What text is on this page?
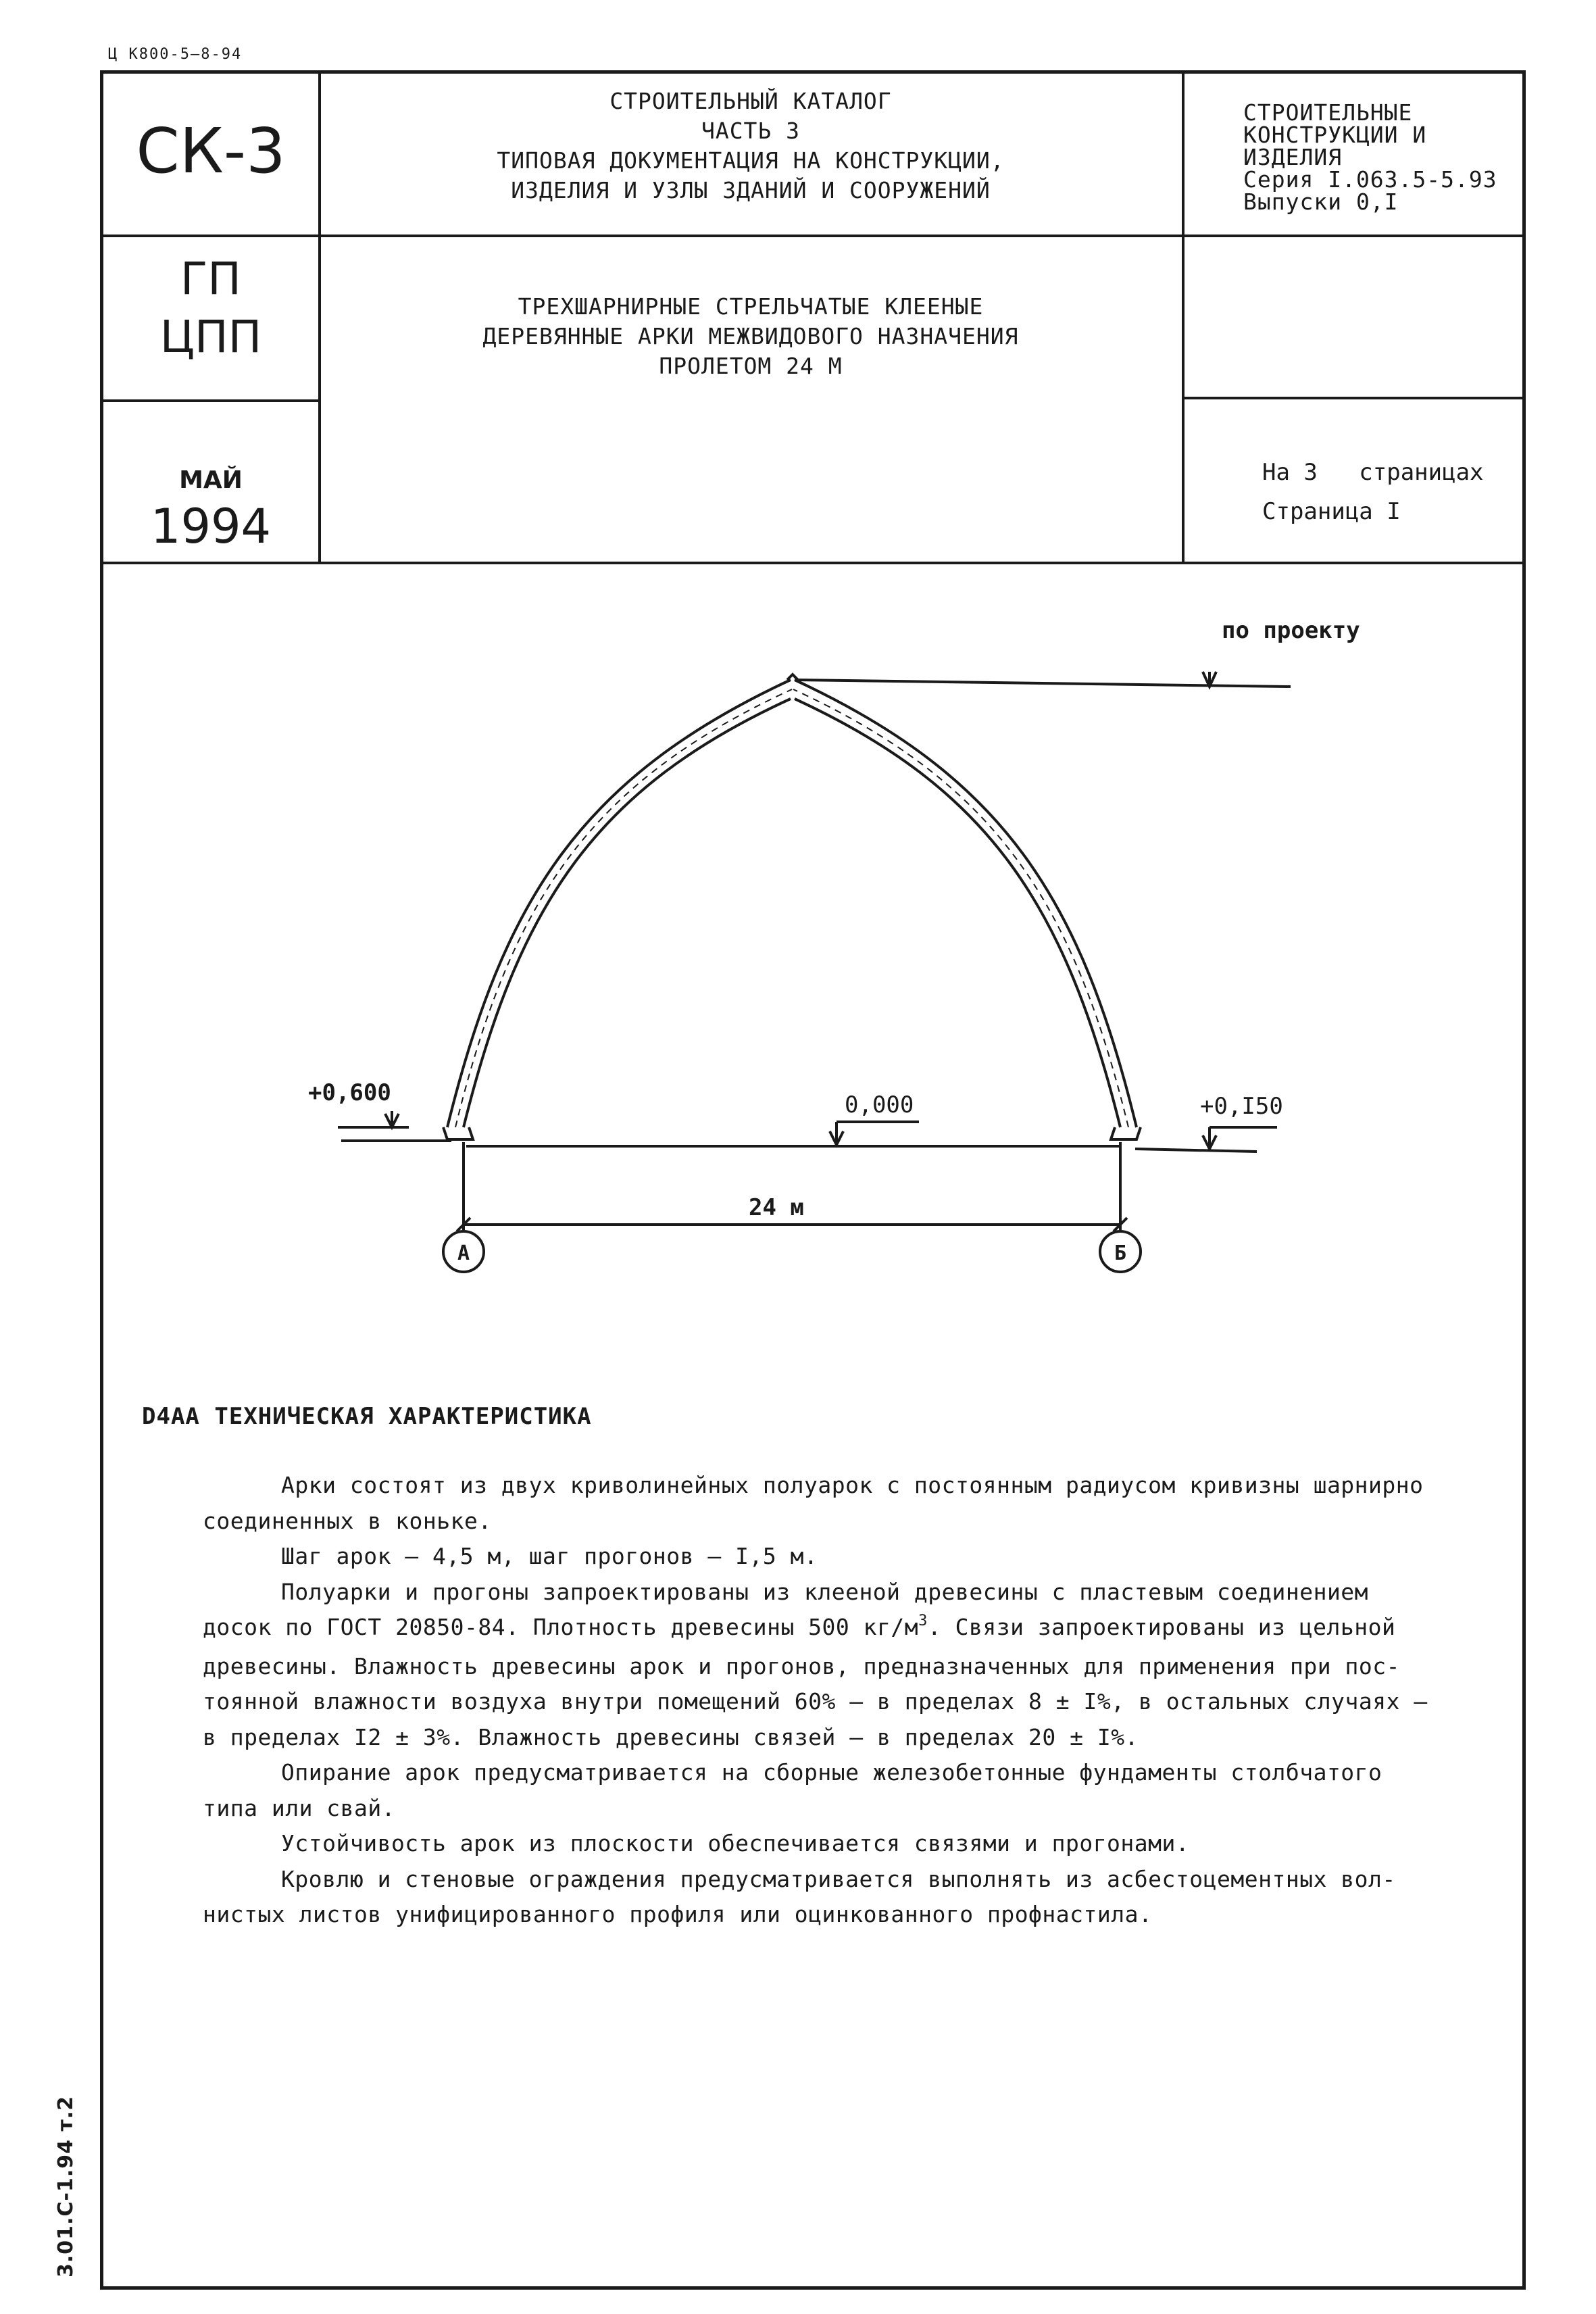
Ц К800-5—8-94
СК-3
ГП
ЦПП
МАЙ
1994
СТРОИТЕЛЬНЫЙ КАТАЛОГ
ЧАСТЬ 3
ТИПОВАЯ ДОКУМЕНТАЦИЯ НА КОНСТРУКЦИИ,
ИЗДЕЛИЯ И УЗЛЫ ЗДАНИЙ И СООРУЖЕНИЙ
ТРЕХШАРНИРНЫЕ СТРЕЛЬЧАТЫЕ КЛЕЕНЫЕ
ДЕРЕВЯННЫЕ АРКИ МЕЖВИДОВОГО НАЗНАЧЕНИЯ
ПРОЛЕТОМ 24 М
СТРОИТЕЛЬНЫЕ
КОНСТРУКЦИИ И
ИЗДЕЛИЯ
Серия I.063.5-5.93
Выпуски 0,I
На 3   страницах
Страница I
по проекту
+0,600	0,000	+0,I50
24 м
А	Б
D4AA ТЕХНИЧЕСКАЯ ХАРАКТЕРИСТИКА
Арки состоят из двух криволинейных полуарок с постоянным радиусом кривизны шарнирно
соединенных в коньке.
Шаг арок – 4,5 м, шаг прогонов – I,5 м.
Полуарки и прогоны запроектированы из клееной древесины с пластевым соединением
досок по ГОСТ 20850-84. Плотность древесины 500 $кг/м^3$. Связи запроектированы из цельной
древесины. Влажность древесины арок и прогонов, предназначенных для применения при пос-
тоянной влажности воздуха внутри помещений 60% – в пределах 8 ± I%, в остальных случаях –
в пределах I2 ± 3%. Влажность древесины связей – в пределах 20 ± I%.
Опирание арок предусматривается на сборные железобетонные фундаменты столбчатого
типа или свай.
Устойчивость арок из плоскости обеспечивается связями и прогонами.
Кровлю и стеновые ограждения предусматривается выполнять из асбестоцементных вол-
нистых листов унифицированного профиля или оцинкованного профнастила.
3.01.С-1.94 т.2
